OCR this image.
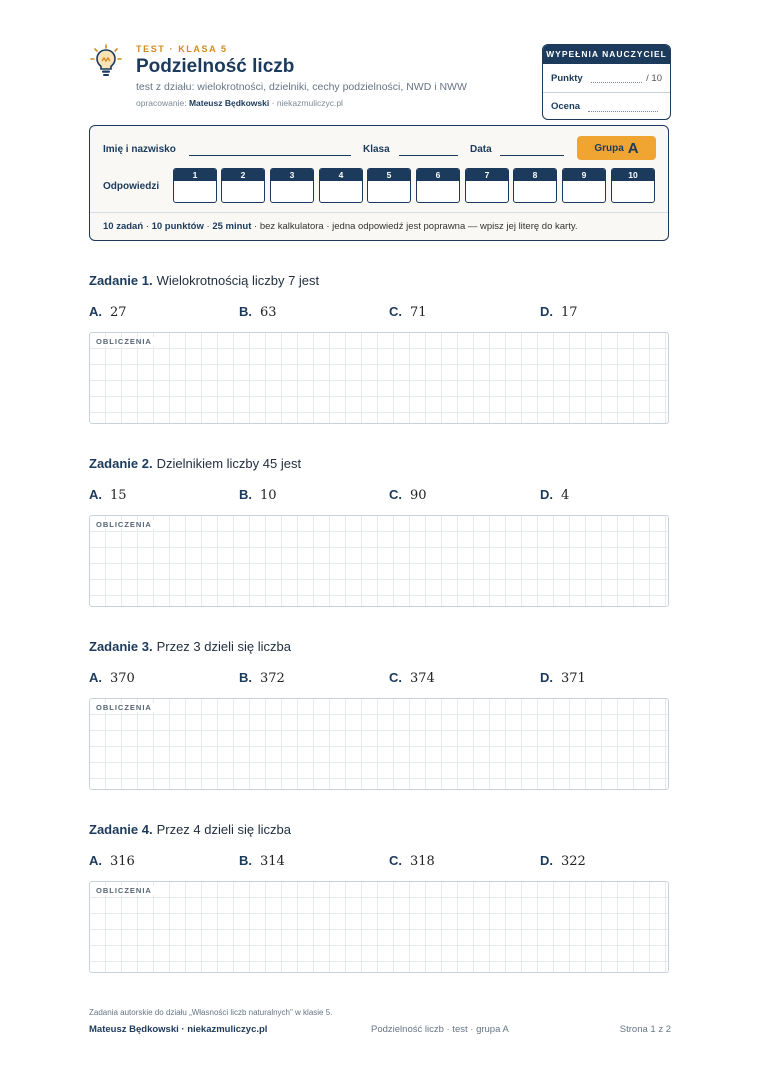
TEST · KLASA 5
Podzielność liczb
test z działu: wielokrotności, dzielniki, cechy podzielności, NWD i NWW
opracowanie: Mateusz Będkowski · niekazmuliczyc.pl
WYPEŁNIA NAUCZYCIEL
Punkty	/ 10
Ocena
Imię i nazwisko	Klasa	Data	Grupa A
Odpowiedzi
1	2	3	4	5	6	7	8	9	10
10 zadań · 10 punktów · 25 minut · bez kalkulatora · jedna odpowiedź jest poprawna — wpisz jej literę do karty.
Zadanie 1. Wielokrotnością liczby 7 jest
A. 27	B. 63	C. 71	D. 17
OBLICZENIA
Zadanie 2. Dzielnikiem liczby 45 jest
A. 15	B. 10	C. 90	D. 4
OBLICZENIA
Zadanie 3. Przez 3 dzieli się liczba
A. 370	B. 372	C. 374	D. 371
OBLICZENIA
Zadanie 4. Przez 4 dzieli się liczba
A. 316	B. 314	C. 318	D. 322
OBLICZENIA
Zadania autorskie do działu „Własności liczb naturalnych" w klasie 5.
Mateusz Będkowski · niekazmuliczyc.pl	Podzielność liczb · test · grupa A	Strona 1 z 2
